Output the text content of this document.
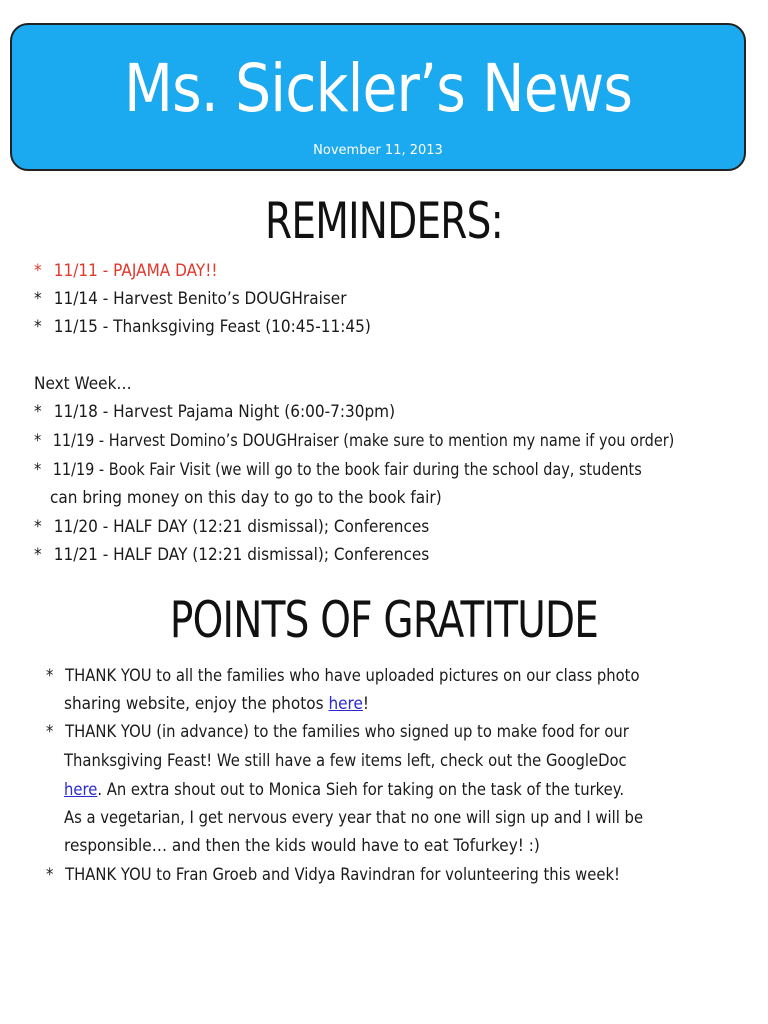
Ms. Sickler’s News
November 11, 2013
REMINDERS:
* 11/11 - PAJAMA DAY!!
* 11/14 - Harvest Benito’s DOUGHraiser
* 11/15 - Thanksgiving Feast (10:45-11:45)
Next Week…
* 11/18 - Harvest Pajama Night (6:00-7:30pm)
* 11/19 - Harvest Domino’s DOUGHraiser (make sure to mention my name if you order)
* 11/19 - Book Fair Visit (we will go to the book fair during the school day, students
can bring money on this day to go to the book fair)
* 11/20 - HALF DAY (12:21 dismissal); Conferences
* 11/21 - HALF DAY (12:21 dismissal); Conferences
POINTS OF GRATITUDE
* THANK YOU to all the families who have uploaded pictures on our class photo
sharing website, enjoy the photos here!
* THANK YOU (in advance) to the families who signed up to make food for our
Thanksgiving Feast! We still have a few items left, check out the GoogleDoc
here. An extra shout out to Monica Sieh for taking on the task of the turkey.
As a vegetarian, I get nervous every year that no one will sign up and I will be
responsible… and then the kids would have to eat Tofurkey! :)
* THANK YOU to Fran Groeb and Vidya Ravindran for volunteering this week!
